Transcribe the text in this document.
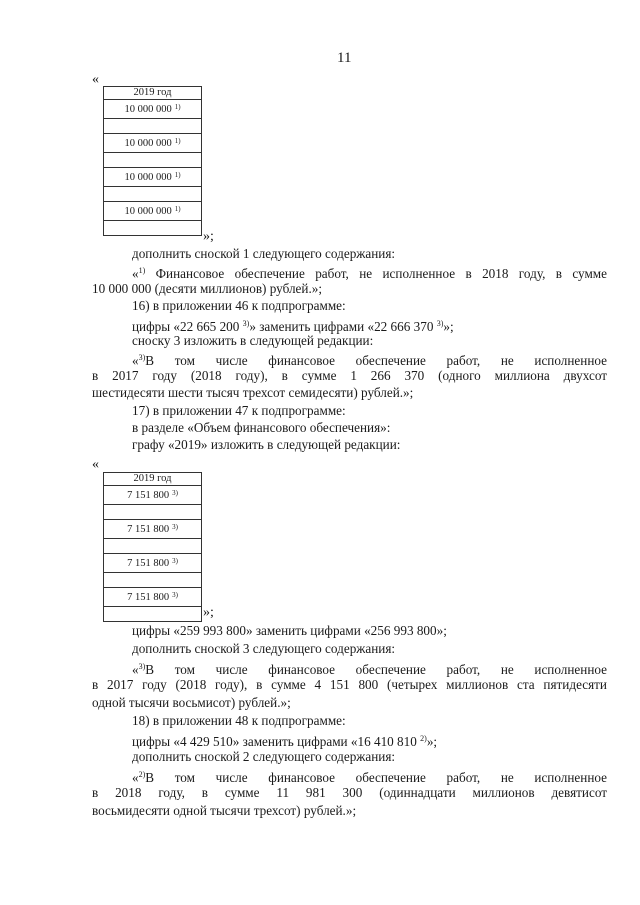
11
«
2019 год
10 000 000 $^{1)}$

10 000 000 $^{1)}$

10 000 000 $^{1)}$

10 000 000 $^{1)}$

»;
дополнить сноской 1 следующего содержания:
«$^{1)}$ Финансовое обеспечение работ, не исполненное в 2018 году, в сумме
10 000 000 (десяти миллионов) рублей.»;
16) в приложении 46 к подпрограмме:
цифры «22 665 200 $^{3)}$» заменить цифрами «22 666 370 $^{3)}$»;
сноску 3 изложить в следующей редакции:
«$^{3)}$В том числе финансовое обеспечение работ, не исполненное
в 2017 году (2018 году), в сумме 1 266 370 (одного миллиона двухсот
шестидесяти шести тысяч трехсот семидесяти) рублей.»;
17) в приложении 47 к подпрограмме:
в разделе «Объем финансового обеспечения»:
графу «2019» изложить в следующей редакции:
«
2019 год
7 151 800 $^{3)}$

7 151 800 $^{3)}$

7 151 800 $^{3)}$

7 151 800 $^{3)}$

»;
цифры «259 993 800» заменить цифрами «256 993 800»;
дополнить сноской 3 следующего содержания:
«$^{3)}$В том числе финансовое обеспечение работ, не исполненное
в 2017 году (2018 году), в сумме 4 151 800 (четырех миллионов ста пятидесяти
одной тысячи восьмисот) рублей.»;
18) в приложении 48 к подпрограмме:
цифры «4 429 510» заменить цифрами «16 410 810 $^{2)}$»;
дополнить сноской 2 следующего содержания:
«$^{2)}$В том числе финансовое обеспечение работ, не исполненное
в 2018 году, в сумме 11 981 300 (одиннадцати миллионов девятисот
восьмидесяти одной тысячи трехсот) рублей.»;
